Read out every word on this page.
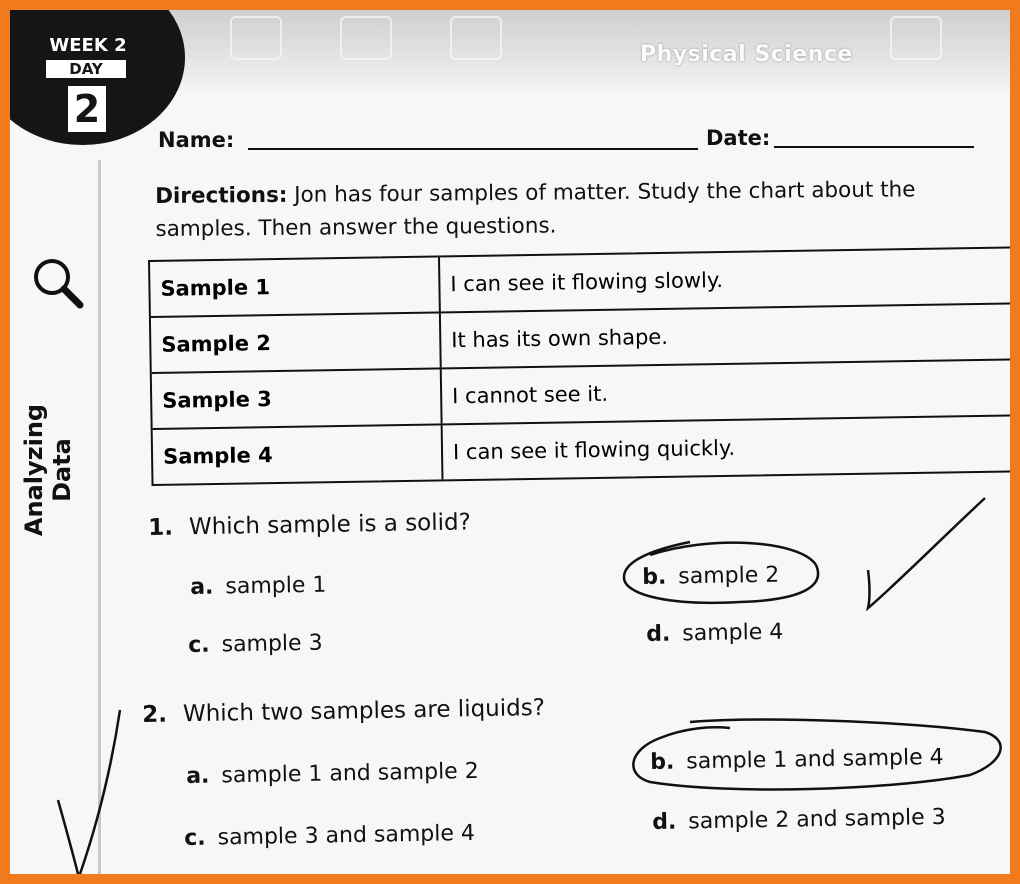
Physical Science
WEEK 2
DAY
2
Analyzing Data
Name:	Date:
Directions: Jon has four samples of matter. Study the chart about the samples. Then answer the questions.
Sample 1	I can see it flowing slowly.
Sample 2	It has its own shape.
Sample 3	I cannot see it.
Sample 4	I can see it flowing quickly.
1. Which sample is a solid?
a. sample 1	b. sample 2
c. sample 3	d. sample 4
2. Which two samples are liquids?
a. sample 1 and sample 2	b. sample 1 and sample 4
c. sample 3 and sample 4	d. sample 2 and sample 3
